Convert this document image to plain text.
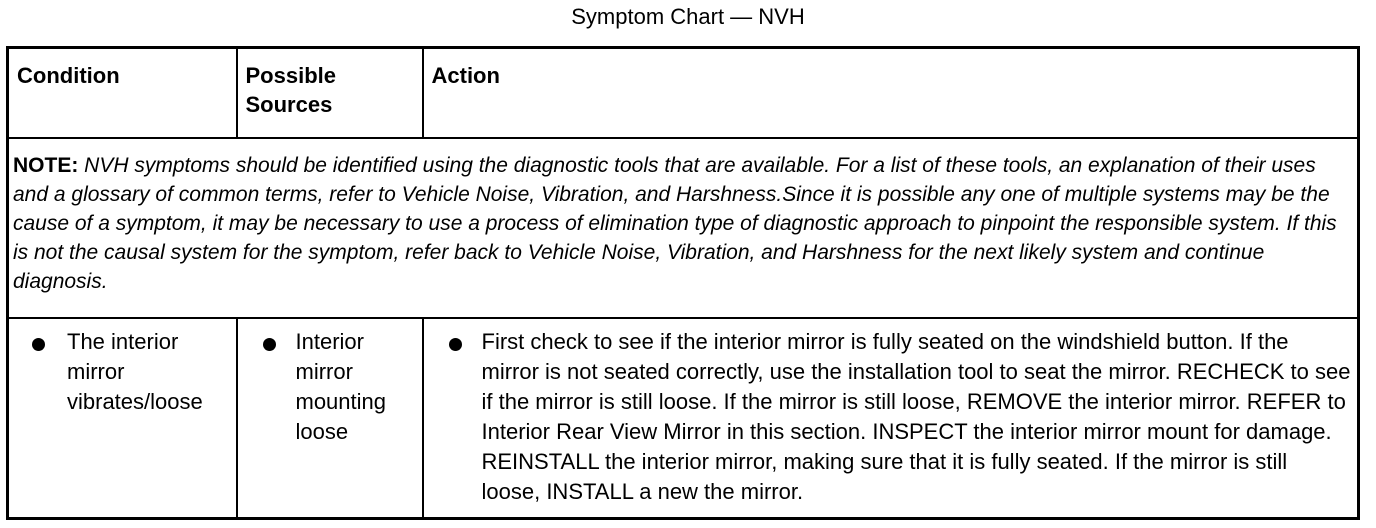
Symptom Chart — NVH
Condition	Possible Sources	Action
NOTE: NVH symptoms should be identified using the diagnostic tools that are available. For a list of these tools, an explanation of their uses and a glossary of common terms, refer to Vehicle Noise, Vibration, and Harshness.Since it is possible any one of multiple systems may be the cause of a symptom, it may be necessary to use a process of elimination type of diagnostic approach to pinpoint the responsible system. If this is not the causal system for the symptom, refer back to Vehicle Noise, Vibration, and Harshness for the next likely system and continue diagnosis.		

The interior mirror vibrates/loose	Interior mirror mounting loose	First check to see if the interior mirror is fully seated on the windshield button. If the mirror is not seated correctly, use the installation tool to seat the mirror. RECHECK to see if the mirror is still loose. If the mirror is still loose, REMOVE the interior mirror. REFER to Interior Rear View Mirror in this section. INSPECT the interior mirror mount for damage. REINSTALL the interior mirror, making sure that it is fully seated. If the mirror is still loose, INSTALL a new the mirror.
